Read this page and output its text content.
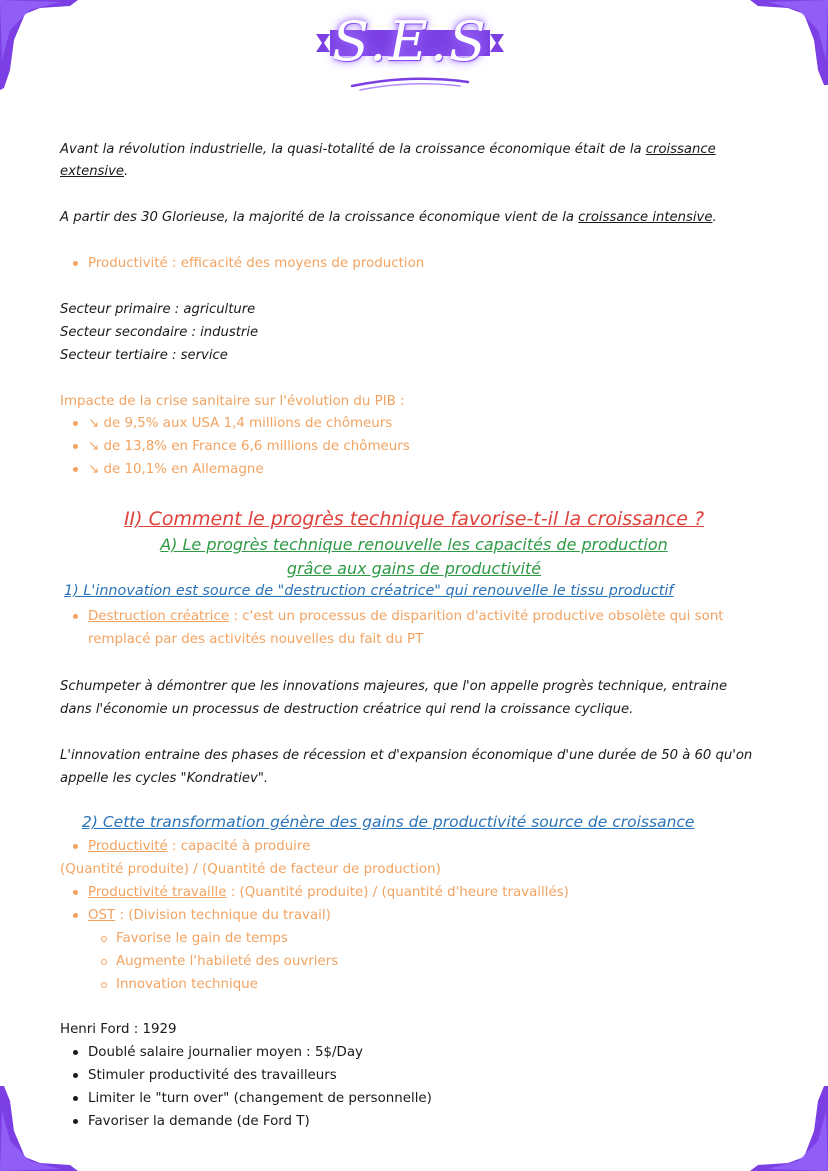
S.E.S
Avant la révolution industrielle, la quasi-totalité de la croissance économique était de la croissance
extensive.
A partir des 30 Glorieuse, la majorité de la croissance économique vient de la croissance intensive.
Productivité : efficacité des moyens de production
Secteur primaire : agriculture
Secteur secondaire : industrie
Secteur tertiaire : service
Impacte de la crise sanitaire sur l'évolution du PIB :
↘ de 9,5% aux USA 1,4 millions de chômeurs
↘ de 13,8% en France 6,6 millions de chômeurs
↘ de 10,1% en Allemagne
II) Comment le progrès technique favorise-t-il la croissance ?
A) Le progrès technique renouvelle les capacités de production
grâce aux gains de productivité
1) L'innovation est source de "destruction créatrice" qui renouvelle le tissu productif
Destruction créatrice : c'est un processus de disparition d'activité productive obsolète qui sont
remplacé par des activités nouvelles du fait du PT
Schumpeter à démontrer que les innovations majeures, que l'on appelle progrès technique, entraine
dans l'économie un processus de destruction créatrice qui rend la croissance cyclique.
L'innovation entraine des phases de récession et d'expansion économique d'une durée de 50 à 60 qu'on
appelle les cycles "Kondratiev".
2) Cette transformation génère des gains de productivité source de croissance
Productivité : capacité à produire
(Quantité produite) / (Quantité de facteur de production)
Productivité travaille : (Quantité produite) / (quantité d'heure travaillés)
OST : (Division technique du travail)
Favorise le gain de temps
Augmente l'habileté des ouvriers
Innovation technique
Henri Ford : 1929
Doublé salaire journalier moyen : 5$/Day
Stimuler productivité des travailleurs
Limiter le "turn over" (changement de personnelle)
Favoriser la demande (de Ford T)
